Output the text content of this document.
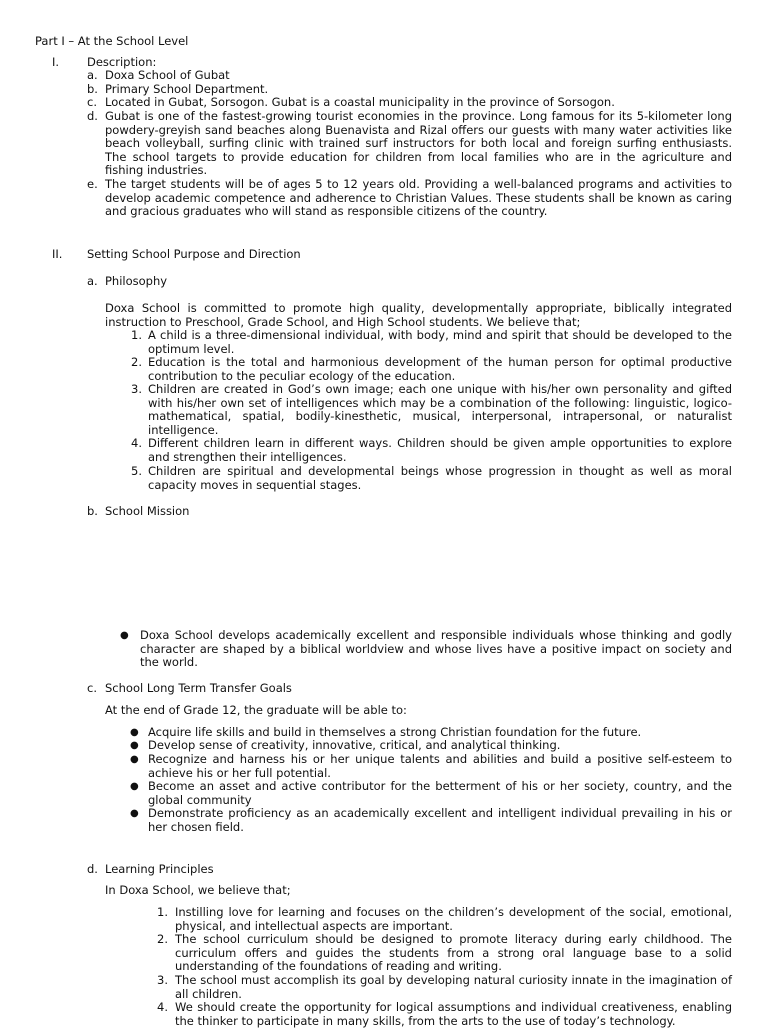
Part I – At the School Level

I. Description:
a. Doxa School of Gubat

b. Primary School Department.

c. Located in Gubat, Sorsogon. Gubat is a coastal municipality in the province of Sorsogon.

d. Gubat is one of the fastest-growing tourist economies in the province. Long famous for its 5-kilometer long powdery-greyish sand beaches along Buenavista and Rizal offers our guests with many water activities like beach volleyball, surfing clinic with trained surf instructors for both local and foreign surfing enthusiasts. The school targets to provide education for children from local families who are in the agriculture and fishing industries.

e. The target students will be of ages 5 to 12 years old. Providing a well-balanced programs and activities to develop academic competence and adherence to Christian Values. These students shall be known as caring and gracious graduates who will stand as responsible citizens of the country.

II. Setting School Purpose and Direction
a. Philosophy

Doxa School is committed to promote high quality, developmentally appropriate, biblically integrated instruction to Preschool, Grade School, and High School students. We believe that;

1. A child is a three-dimensional individual, with body, mind and spirit that should be developed to the optimum level.

2. Education is the total and harmonious development of the human person for optimal productive contribution to the peculiar ecology of the education.

3. Children are created in God’s own image; each one unique with his/her own personality and gifted with his/her own set of intelligences which may be a combination of the following: linguistic, logico-mathematical, spatial, bodily-kinesthetic, musical, interpersonal, intrapersonal, or naturalist intelligence.

4. Different children learn in different ways. Children should be given ample opportunities to explore and strengthen their intelligences.

5. Children are spiritual and developmental beings whose progression in thought as well as moral capacity moves in sequential stages.

b. School Mission
● Doxa School develops academically excellent and responsible individuals whose thinking and godly character are shaped by a biblical worldview and whose lives have a positive impact on society and the world.

c. School Long Term Transfer Goals

At the end of Grade 12, the graduate will be able to:

● Acquire life skills and build in themselves a strong Christian foundation for the future.

● Develop sense of creativity, innovative, critical, and analytical thinking.

● Recognize and harness his or her unique talents and abilities and build a positive self-esteem to achieve his or her full potential.

● Become an asset and active contributor for the betterment of his or her society, country, and the global community

● Demonstrate proficiency as an academically excellent and intelligent individual prevailing in his or her chosen field.

d. Learning Principles

In Doxa School, we believe that;

1. Instilling love for learning and focuses on the children’s development of the social, emotional, physical, and intellectual aspects are important.

2. The school curriculum should be designed to promote literacy during early childhood. The curriculum offers and guides the students from a strong oral language base to a solid understanding of the foundations of reading and writing.

3. The school must accomplish its goal by developing natural curiosity innate in the imagination of all children.

4. We should create the opportunity for logical assumptions and individual creativeness, enabling the thinker to participate in many skills, from the arts to the use of today’s technology.
